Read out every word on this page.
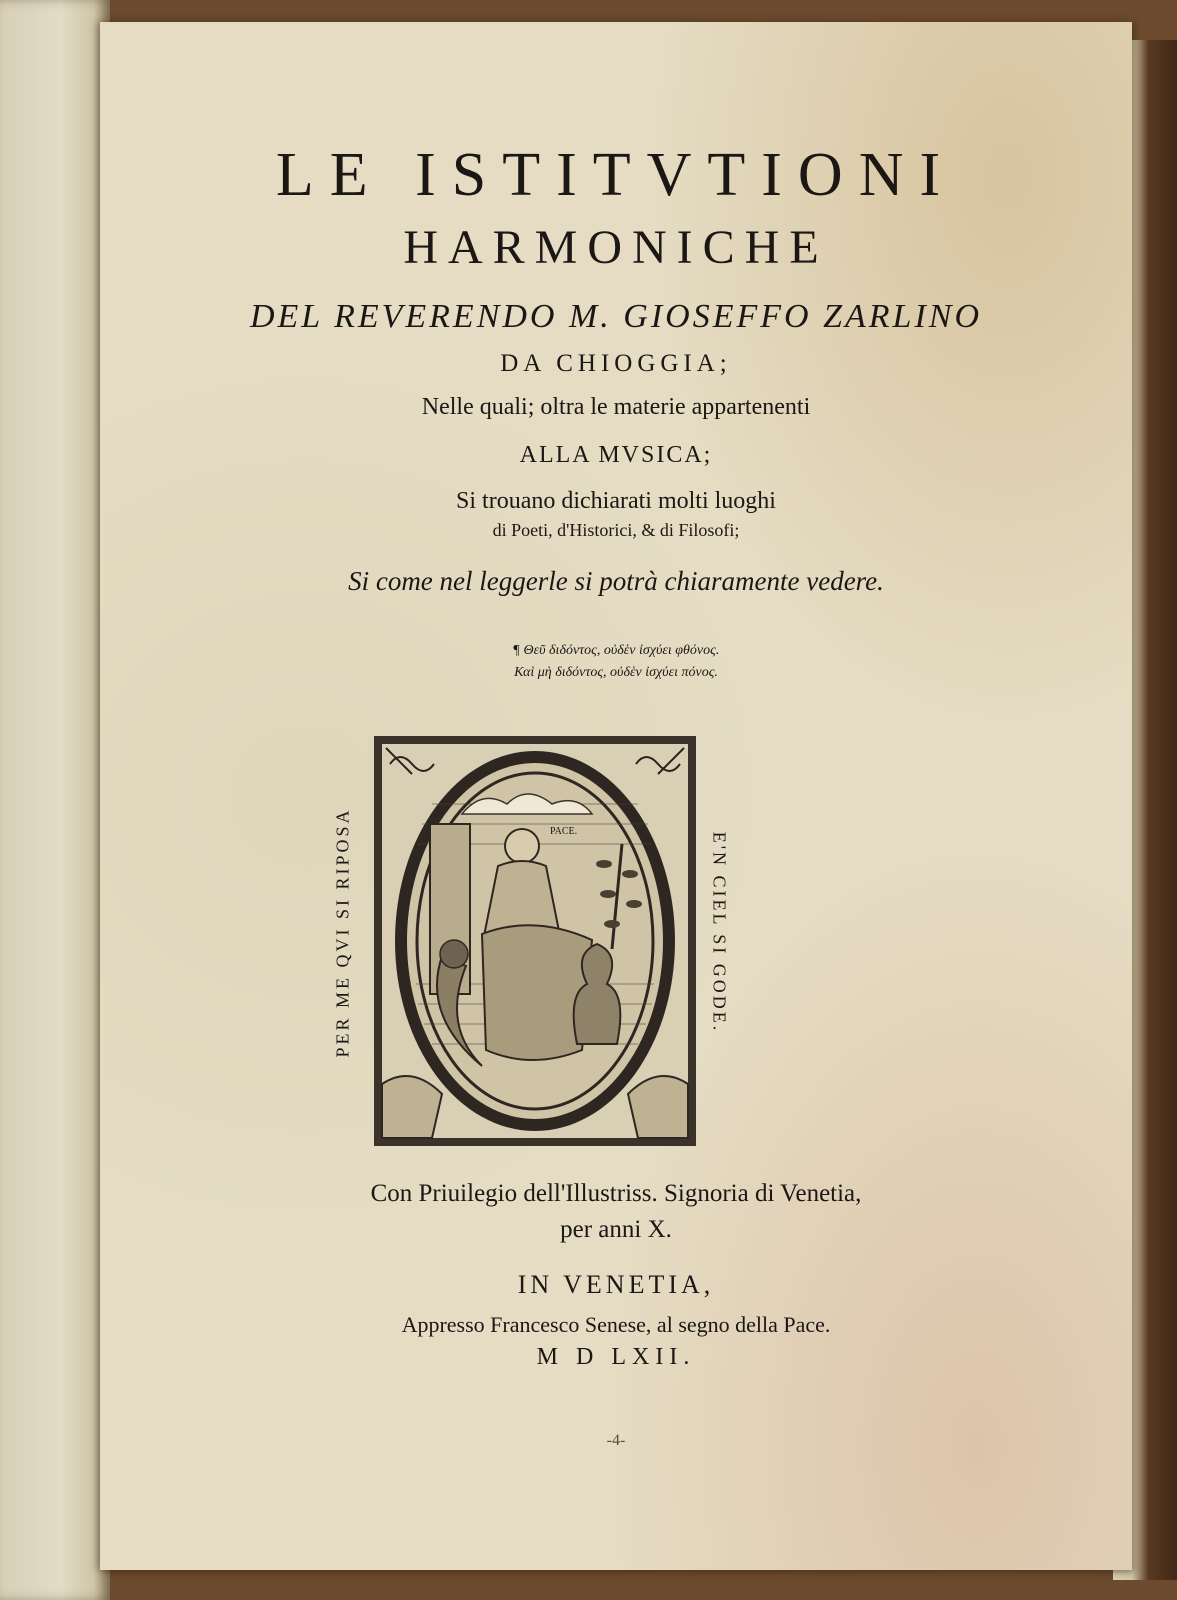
LE ISTITVTIONI
HARMONICHE
DEL REVERENDO M. GIOSEFFO ZARLINO
DA CHIOGGIA;
Nelle quali; oltra le materie appartenenti
ALLA MVSICA;
Si trouano dichiarati molti luoghi
di Poeti, d'Historici, & di Filosofi;
Si come nel leggerle si potrà chiaramente vedere.
¶ Θεῦ διδόντος, οὐδὲν ἰσχύει φθόνος.
Καὶ μὴ διδόντος, οὐδὲν ἰσχύει πόνος.
PER ME QVI SI RIPOSA	E'N CIEL SI GODE.
PACE.
Con Priuilegio dell'Illustriss. Signoria di Venetia,
per anni X.
IN VENETIA,
Appresso Francesco Senese, al segno della Pace.
M D LXII.
-4-
